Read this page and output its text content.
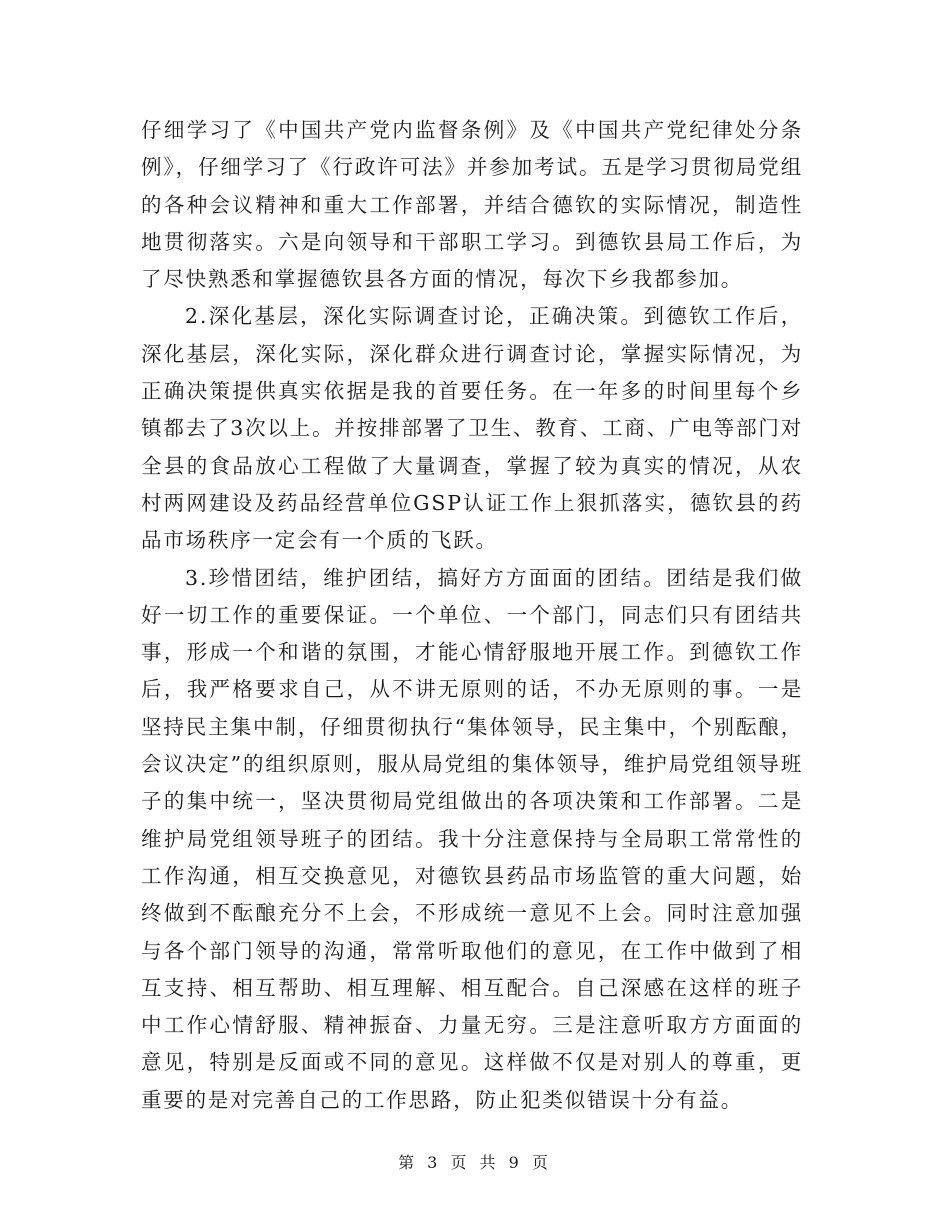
仔细学习了《中国共产党内监督条例》及《中国共产党纪律处分条例》，仔细学习了《行政许可法》并参加考试。五是学习贯彻局党组的各种会议精神和重大工作部署，并结合德钦的实际情况，制造性地贯彻落实。六是向领导和干部职工学习。到德钦县局工作后，为了尽快熟悉和掌握德钦县各方面的情况，每次下乡我都参加。

2.深化基层，深化实际调查讨论，正确决策。到德钦工作后，深化基层，深化实际，深化群众进行调查讨论，掌握实际情况，为正确决策提供真实依据是我的首要任务。在一年多的时间里每个乡镇都去了3次以上。并按排部署了卫生、教育、工商、广电等部门对全县的食品放心工程做了大量调查，掌握了较为真实的情况，从农村两网建设及药品经营单位GSP认证工作上狠抓落实，德钦县的药品市场秩序一定会有一个质的飞跃。

3.珍惜团结，维护团结，搞好方方面面的团结。团结是我们做好一切工作的重要保证。一个单位、一个部门，同志们只有团结共事，形成一个和谐的氛围，才能心情舒服地开展工作。到德钦工作后，我严格要求自己，从不讲无原则的话，不办无原则的事。一是坚持民主集中制，仔细贯彻执行“集体领导，民主集中，个别酝酿，会议决定”的组织原则，服从局党组的集体领导，维护局党组领导班子的集中统一，坚决贯彻局党组做出的各项决策和工作部署。二是维护局党组领导班子的团结。我十分注意保持与全局职工常常性的工作沟通，相互交换意见，对德钦县药品市场监管的重大问题，始终做到不酝酿充分不上会，不形成统一意见不上会。同时注意加强与各个部门领导的沟通，常常听取他们的意见，在工作中做到了相互支持、相互帮助、相互理解、相互配合。自己深感在这样的班子中工作心情舒服、精神振奋、力量无穷。三是注意听取方方面面的意见，特别是反面或不同的意见。这样做不仅是对别人的尊重，更重要的是对完善自己的工作思路，防止犯类似错误十分有益。

第 3 页 共 9 页
